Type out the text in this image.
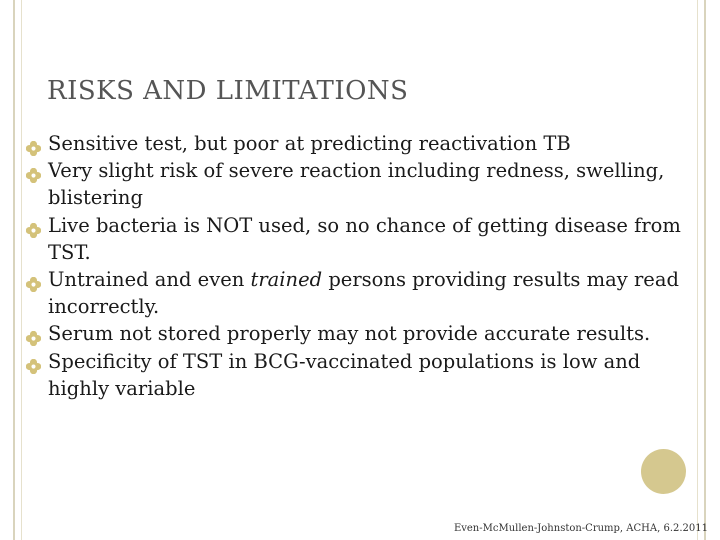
RISKS AND LIMITATIONS
Sensitive test, but poor at predicting reactivation TB
Very slight risk of severe reaction including redness, swelling, blistering
Live bacteria is NOT used, so no chance of getting disease from TST.
Untrained and even trained persons providing results may read incorrectly.
Serum not stored properly may not provide accurate results.
Specificity of TST in BCG-vaccinated populations is low and highly variable
Even-McMullen-Johnston-Crump, ACHA, 6.2.2011
